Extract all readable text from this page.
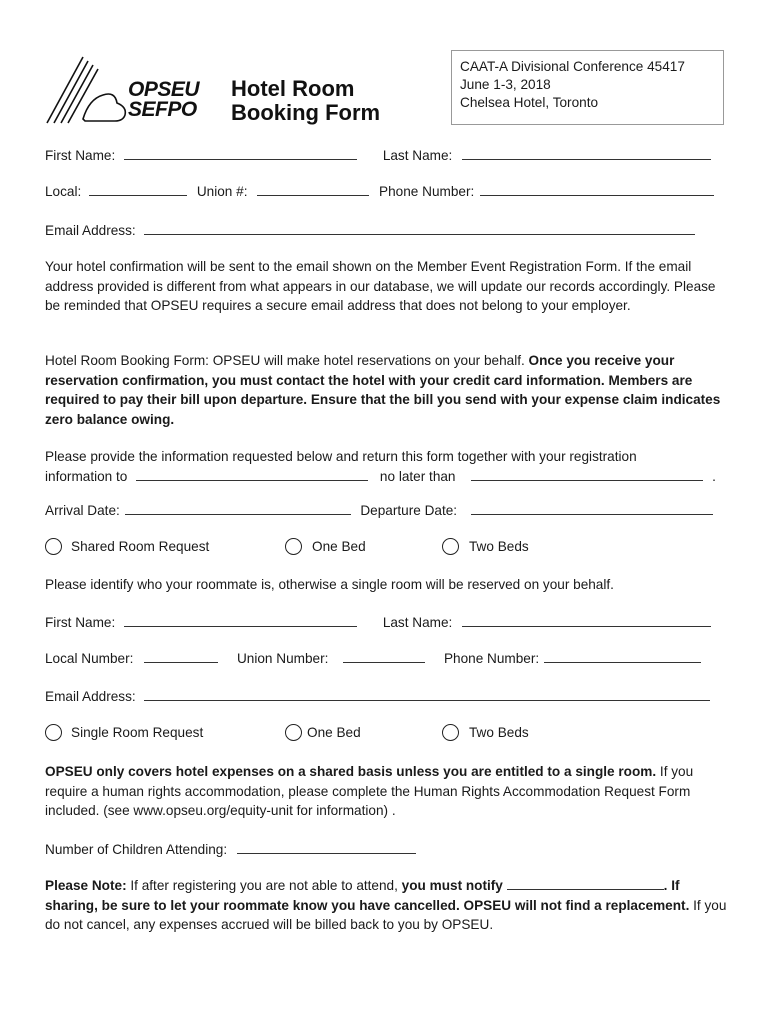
OPSEU
SEFPO
Hotel Room
Booking Form
CAAT-A Divisional Conference 45417
June 1-3, 2018
Chelsea Hotel, Toronto
First Name:	Last Name:
Local:	Union #:	Phone Number:
Email Address:
Your hotel confirmation will be sent to the email shown on the Member Event Registration Form. If the email address provided is different from what appears in our database, we will update our records accordingly. Please be reminded that OPSEU requires a secure email address that does not belong to your employer.
Hotel Room Booking Form: OPSEU will make hotel reservations on your behalf. Once you receive your reservation confirmation, you must contact the hotel with your credit card information. Members are required to pay their bill upon departure. Ensure that the bill you send with your expense claim indicates zero balance owing.
Please provide the information requested below and return this form together with your registration
information to	no later than	.
Arrival Date:	Departure Date:
Shared Room Request	One Bed	Two Beds
Please identify who your roommate is, otherwise a single room will be reserved on your behalf.
First Name:	Last Name:
Local Number:	Union Number:	Phone Number:
Email Address:
Single Room Request	One Bed	Two Beds
OPSEU only covers hotel expenses on a shared basis unless you are entitled to a single room. If you require a human rights accommodation, please complete the Human Rights Accommodation Request Form included. (see www.opseu.org/equity-unit for information) .
Number of Children Attending:
Please Note: If after registering you are not able to attend, you must notify	. If sharing, be sure to let your roommate know you have cancelled. OPSEU will not find a replacement. If you do not cancel, any expenses accrued will be billed back to you by OPSEU.
